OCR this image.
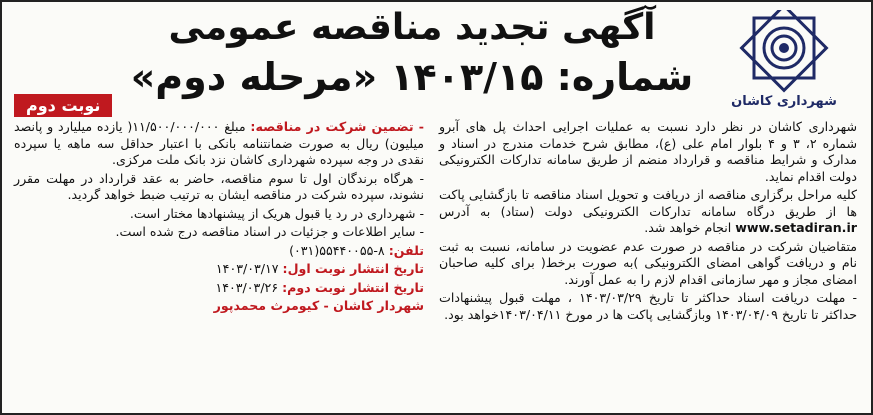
شهرداری کاشان
آگهی تجدید مناقصه عمومی
شماره: ۱۴۰۳/۱۵ «مرحله دوم»
نوبت دوم

شهرداری کاشان در نظر دارد نسبت به عملیات اجرایی احداث پل های آبرو شماره ۲، ۳ و ۴ بلوار امام علی (ع)، مطابق شرح خدمات مندرج در اسناد و مدارک و شرایط مناقصه و قرارداد منضم از طریق سامانه تدارکات الکترونیکی دولت اقدام نماید.

کلیه مراحل برگزاری مناقصه از دریافت و تحویل اسناد مناقصه تا بازگشایی پاکت ها از طریق درگاه سامانه تدارکات الکترونیکی دولت (ستاد) به آدرس www.setadiran.ir انجام خواهد شد.

متقاضیان شرکت در مناقصه در صورت عدم عضویت در سامانه، نسبت به ثبت نام و دریافت گواهی امضای الکترونیکی )به صورت برخط( برای کلیه صاحبان امضای مجاز و مهر سازمانی اقدام لازم را به عمل آورند.

- مهلت دریافت اسناد حداکثر تا تاریخ ۱۴۰۳/۰۳/۲۹ ، مهلت قبول پیشنهادات حداکثر تا تاریخ ۱۴۰۳/۰۴/۰۹ وبازگشایی پاکت ها در مورخ ۱۴۰۳/۰۴/۱۱خواهد بود.

- تضمین شرکت در مناقصه: مبلغ ۱۱/۵۰۰/۰۰۰/۰۰۰( یازده میلیارد و پانصد میلیون) ریال به صورت ضمانتنامه بانکی با اعتبار حداقل سه ماهه یا سپرده نقدی در وجه سپرده شهرداری کاشان نزد بانک ملت مرکزی.

- هرگاه برندگان اول تا سوم مناقصه، حاضر به عقد قرارداد در مهلت مقرر نشوند، سپرده شرکت در مناقصه ایشان به ترتیب ضبط خواهد گردید.

- شهرداری در رد یا قبول هریک از پیشنهادها مختار است.

- سایر اطلاعات و جزئیات در اسناد مناقصه درج شده است.

تلفن: ۸-۵۵۴۴۰۰۵۵(۰۳۱)

تاریخ انتشار نوبت اول: ۱۴۰۳/۰۳/۱۷

تاریخ انتشار نوبت دوم: ۱۴۰۳/۰۳/۲۶

شهردار کاشان - کیومرث محمدپور
